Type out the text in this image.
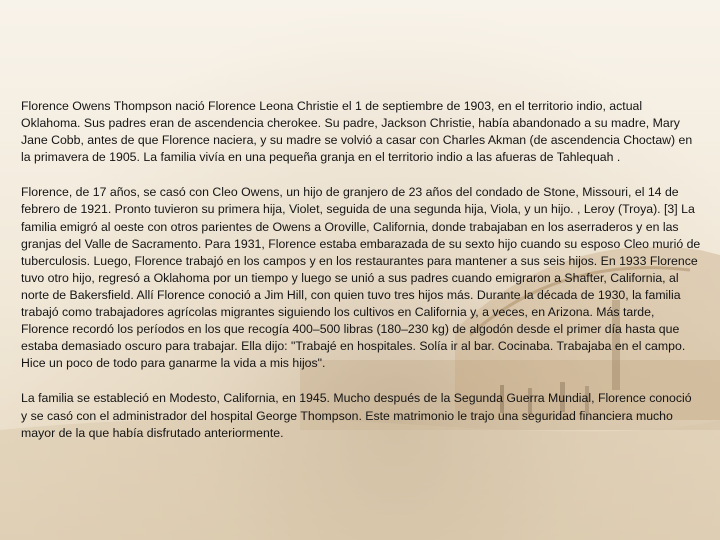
Florence Owens Thompson nació Florence Leona Christie el 1 de septiembre de 1903, en el territorio indio, actual Oklahoma. Sus padres eran de ascendencia cherokee. Su padre, Jackson Christie, había abandonado a su madre, Mary Jane Cobb, antes de que Florence naciera, y su madre se volvió a casar con Charles Akman (de ascendencia Choctaw) en la primavera de 1905. La familia vivía en una pequeña granja en el territorio indio a las afueras de Tahlequah .

Florence, de 17 años, se casó con Cleo Owens, un hijo de granjero de 23 años del condado de Stone, Missouri, el 14 de febrero de 1921. Pronto tuvieron su primera hija, Violet, seguida de una segunda hija, Viola, y un hijo. , Leroy (Troya). [3] La familia emigró al oeste con otros parientes de Owens a Oroville, California, donde trabajaban en los aserraderos y en las granjas del Valle de Sacramento. Para 1931, Florence estaba embarazada de su sexto hijo cuando su esposo Cleo murió de tuberculosis. Luego, Florence trabajó en los campos y en los restaurantes para mantener a sus seis hijos. En 1933 Florence tuvo otro hijo, regresó a Oklahoma por un tiempo y luego se unió a sus padres cuando emigraron a Shafter, California, al norte de Bakersfield. Allí Florence conoció a Jim Hill, con quien tuvo tres hijos más. Durante la década de 1930, la familia trabajó como trabajadores agrícolas migrantes siguiendo los cultivos en California y, a veces, en Arizona. Más tarde, Florence recordó los períodos en los que recogía 400–500 libras (180–230 kg) de algodón desde el primer día hasta que estaba demasiado oscuro para trabajar. Ella dijo: "Trabajé en hospitales. Solía ir al bar. Cocinaba. Trabajaba en el campo. Hice un poco de todo para ganarme la vida a mis hijos".

La familia se estableció en Modesto, California, en 1945. Mucho después de la Segunda Guerra Mundial, Florence conoció y se casó con el administrador del hospital George Thompson. Este matrimonio le trajo una seguridad financiera mucho mayor de la que había disfrutado anteriormente.
